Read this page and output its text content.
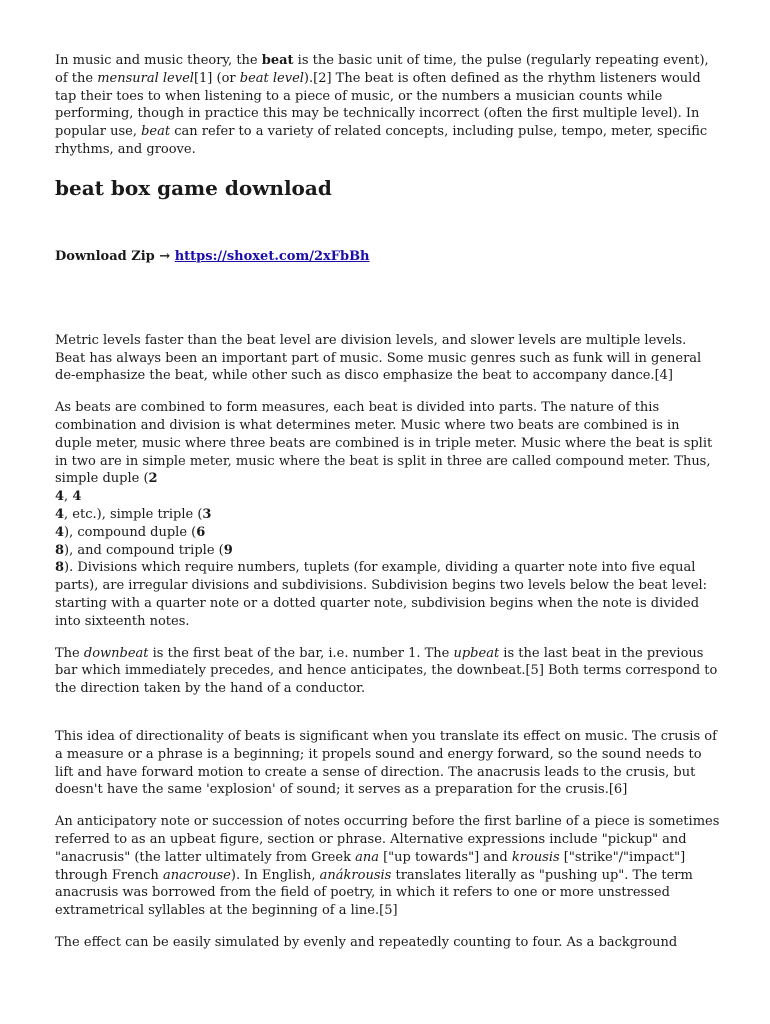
In music and music theory, the beat is the basic unit of time, the pulse (regularly repeating event), of the mensural level[1] (or beat level).[2] The beat is often defined as the rhythm listeners would tap their toes to when listening to a piece of music, or the numbers a musician counts while performing, though in practice this may be technically incorrect (often the first multiple level). In popular use, beat can refer to a variety of related concepts, including pulse, tempo, meter, specific rhythms, and groove.

beat box game download
Download Zip → https://shoxet.com/2xFbBh

Metric levels faster than the beat level are division levels, and slower levels are multiple levels. Beat has always been an important part of music. Some music genres such as funk will in general de-emphasize the beat, while other such as disco emphasize the beat to accompany dance.[4]

As beats are combined to form measures, each beat is divided into parts. The nature of this combination and division is what determines meter. Music where two beats are combined is in duple meter, music where three beats are combined is in triple meter. Music where the beat is split in two are in simple meter, music where the beat is split in three are called compound meter. Thus, simple duple (2
4, 4
4, etc.), simple triple (3
4), compound duple (6
8), and compound triple (9
8). Divisions which require numbers, tuplets (for example, dividing a quarter note into five equal parts), are irregular divisions and subdivisions. Subdivision begins two levels below the beat level: starting with a quarter note or a dotted quarter note, subdivision begins when the note is divided into sixteenth notes.

The downbeat is the first beat of the bar, i.e. number 1. The upbeat is the last beat in the previous bar which immediately precedes, and hence anticipates, the downbeat.[5] Both terms correspond to the direction taken by the hand of a conductor.

This idea of directionality of beats is significant when you translate its effect on music. The crusis of a measure or a phrase is a beginning; it propels sound and energy forward, so the sound needs to lift and have forward motion to create a sense of direction. The anacrusis leads to the crusis, but doesn't have the same 'explosion' of sound; it serves as a preparation for the crusis.[6]

An anticipatory note or succession of notes occurring before the first barline of a piece is sometimes referred to as an upbeat figure, section or phrase. Alternative expressions include "pickup" and "anacrusis" (the latter ultimately from Greek ana ["up towards"] and krousis ["strike"/"impact"] through French anacrouse). In English, anákrousis translates literally as "pushing up". The term anacrusis was borrowed from the field of poetry, in which it refers to one or more unstressed extrametrical syllables at the beginning of a line.[5]

The effect can be easily simulated by evenly and repeatedly counting to four. As a background
